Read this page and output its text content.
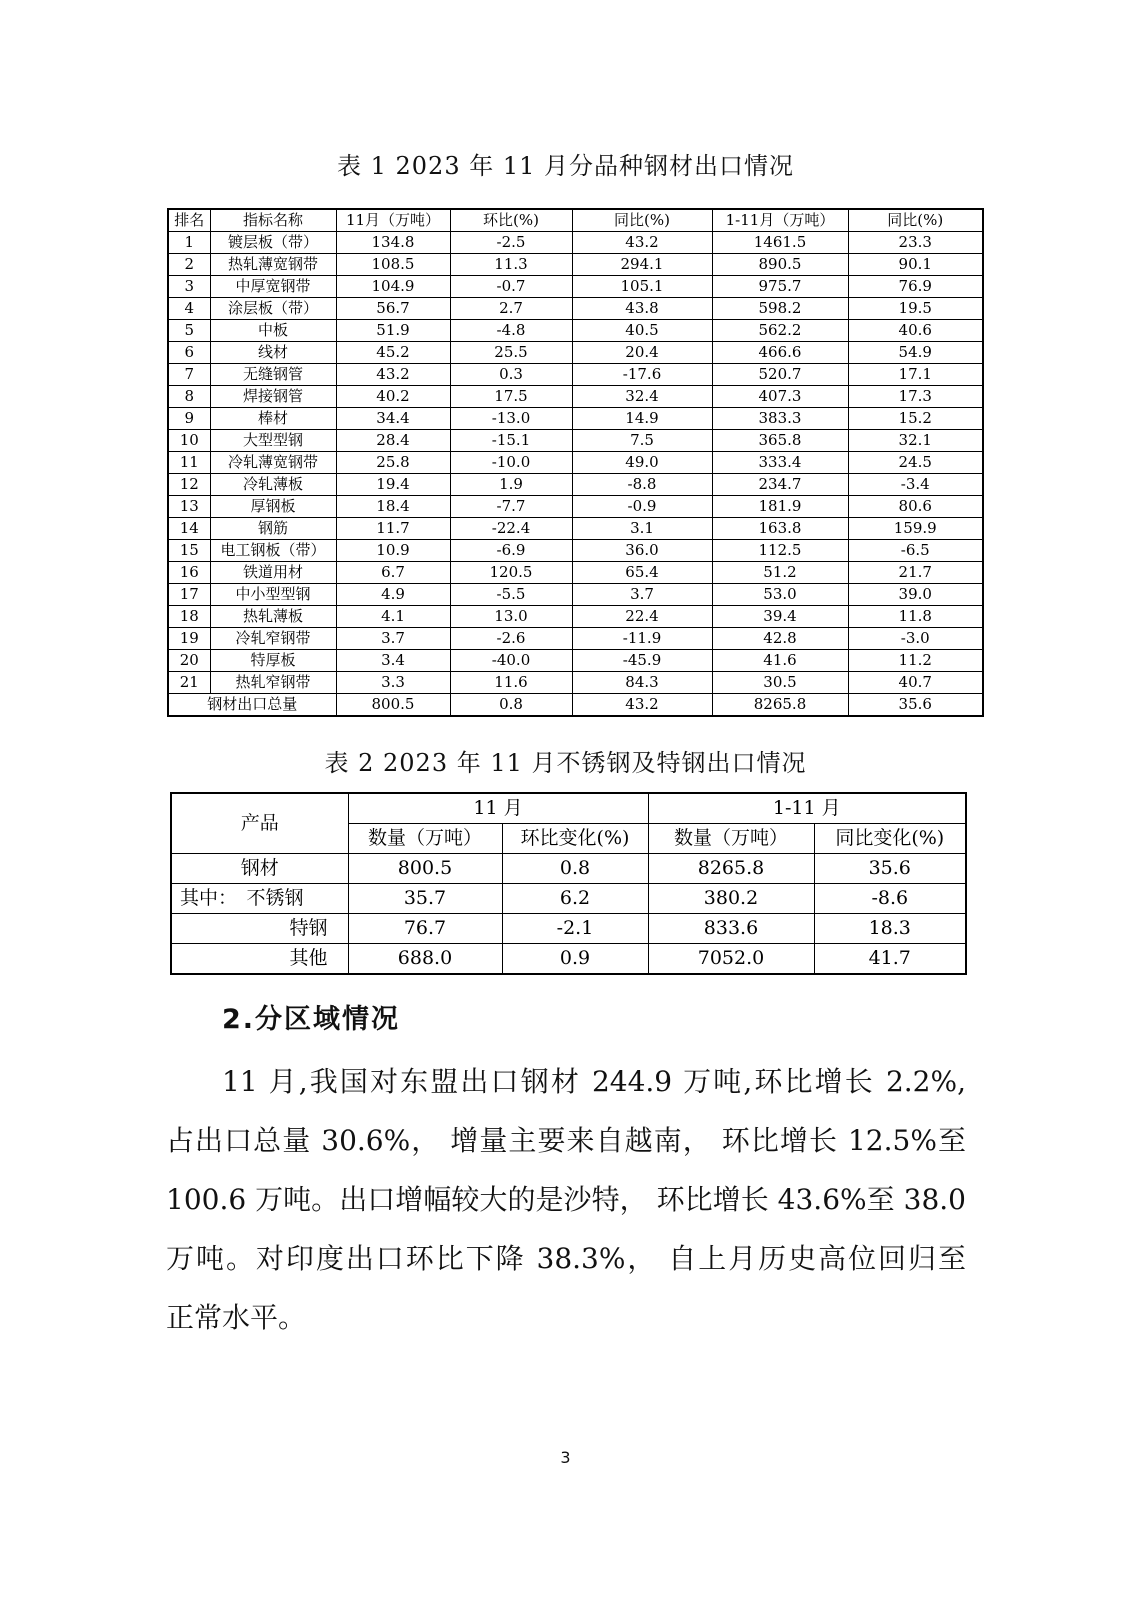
表 1 2023 年 11 月分品种钢材出口情况
排名	指标名称	11月（万吨）	环比(%)	同比(%)	1-11月（万吨）	同比(%)
1	镀层板（带）	134.8	-2.5	43.2	1461.5	23.3
2	热轧薄宽钢带	108.5	11.3	294.1	890.5	90.1
3	中厚宽钢带	104.9	-0.7	105.1	975.7	76.9
4	涂层板（带）	56.7	2.7	43.8	598.2	19.5
5	中板	51.9	-4.8	40.5	562.2	40.6
6	线材	45.2	25.5	20.4	466.6	54.9
7	无缝钢管	43.2	0.3	-17.6	520.7	17.1
8	焊接钢管	40.2	17.5	32.4	407.3	17.3
9	棒材	34.4	-13.0	14.9	383.3	15.2
10	大型型钢	28.4	-15.1	7.5	365.8	32.1
11	冷轧薄宽钢带	25.8	-10.0	49.0	333.4	24.5
12	冷轧薄板	19.4	1.9	-8.8	234.7	-3.4
13	厚钢板	18.4	-7.7	-0.9	181.9	80.6
14	钢筋	11.7	-22.4	3.1	163.8	159.9
15	电工钢板（带）	10.9	-6.9	36.0	112.5	-6.5
16	铁道用材	6.7	120.5	65.4	51.2	21.7
17	中小型型钢	4.9	-5.5	3.7	53.0	39.0
18	热轧薄板	4.1	13.0	22.4	39.4	11.8
19	冷轧窄钢带	3.7	-2.6	-11.9	42.8	-3.0
20	特厚板	3.4	-40.0	-45.9	41.6	11.2
21	热轧窄钢带	3.3	11.6	84.3	30.5	40.7
钢材出口总量		800.5	0.8	43.2	8265.8	35.6
表 2 2023 年 11 月不锈钢及特钢出口情况
产品	11 月		1-11 月	
	数量（万吨）	环比变化(%)	数量（万吨）	同比变化(%)
钢材	800.5	0.8	8265.8	35.6
其中：　不锈钢	35.7	6.2	380.2	-8.6
特钢	76.7	-2.1	833.6	18.3
其他	688.0	0.9	7052.0	41.7
2.分区域情况
11 月,我国对东盟出口钢材 244.9 万吨,环比增长 2.2%,
占出口总量 30.6%， 增量主要来自越南， 环比增长 12.5%至
100.6 万吨。出口增幅较大的是沙特， 环比增长 43.6%至 38.0
万吨。对印度出口环比下降 38.3%， 自上月历史高位回归至
正常水平。
3
